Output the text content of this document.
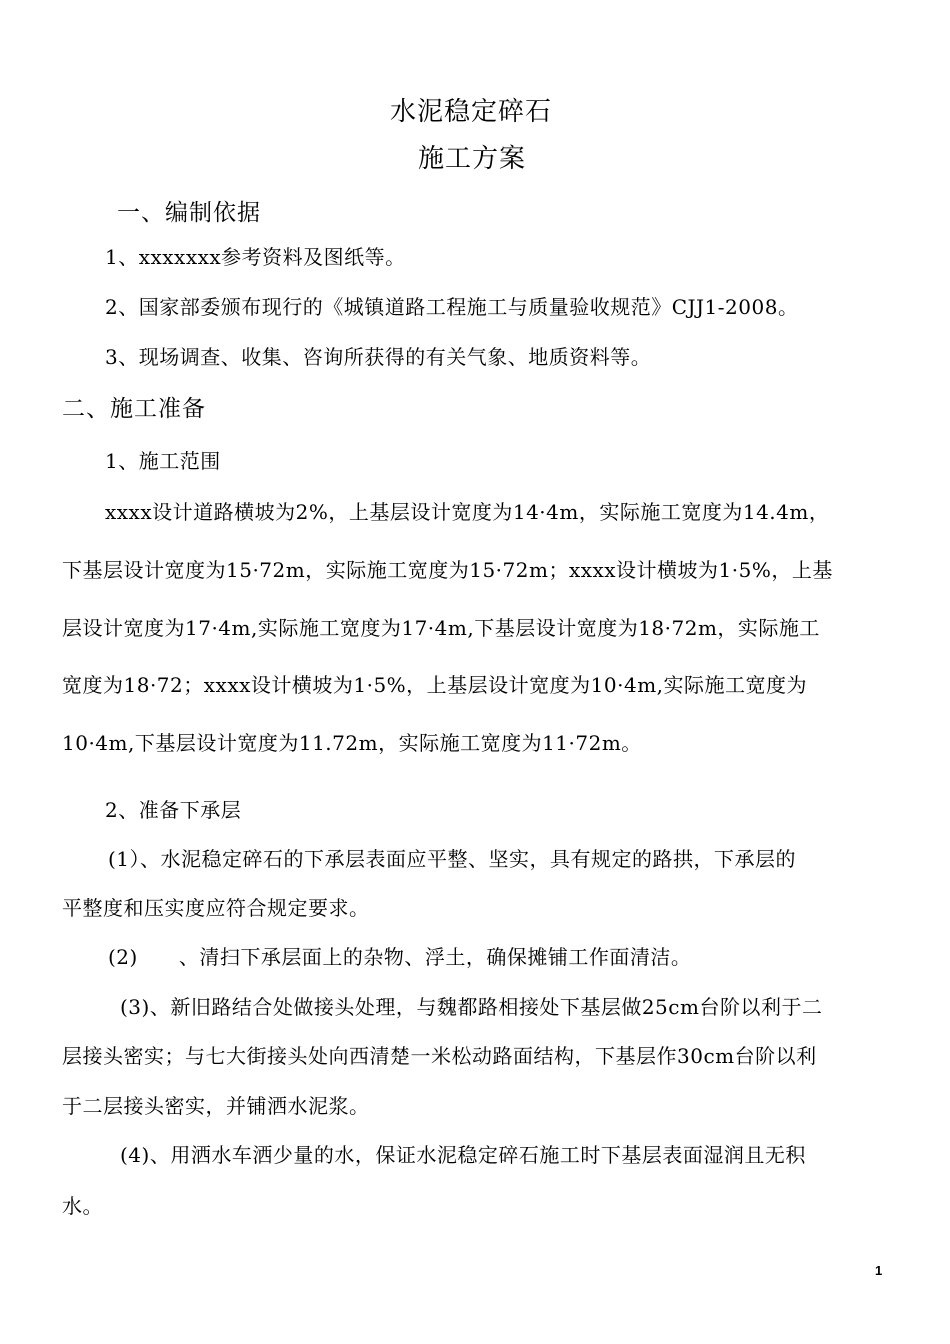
水泥稳定碎石
施工方案
一、编制依据
1、xxxxxxx参考资料及图纸等。
2、国家部委颁布现行的《城镇道路工程施工与质量验收规范》CJJ1-2008。
3、现场调查、收集、咨询所获得的有关气象、地质资料等。
二、施工准备
1、施工范围
xxxx设计道路横坡为2%，上基层设计宽度为14·4m，实际施工宽度为14.4m，
下基层设计宽度为15·72m，实际施工宽度为15·72m；xxxx设计横坡为1·5%，上基
层设计宽度为17·4m,实际施工宽度为17·4m,下基层设计宽度为18·72m，实际施工
宽度为18·72；xxxx设计横坡为1·5%，上基层设计宽度为10·4m,实际施工宽度为
10·4m,下基层设计宽度为11.72m，实际施工宽度为11·72m。
2、准备下承层
(1）、水泥稳定碎石的下承层表面应平整、坚实，具有规定的路拱，下承层的
平整度和压实度应符合规定要求。
(2)　　、清扫下承层面上的杂物、浮土，确保摊铺工作面清洁。
(3)、新旧路结合处做接头处理，与魏都路相接处下基层做25cm台阶以利于二
层接头密实；与七大街接头处向西清楚一米松动路面结构，下基层作30cm台阶以利
于二层接头密实，并铺洒水泥浆。
(4)、用洒水车洒少量的水，保证水泥稳定碎石施工时下基层表面湿润且无积
水。
1
